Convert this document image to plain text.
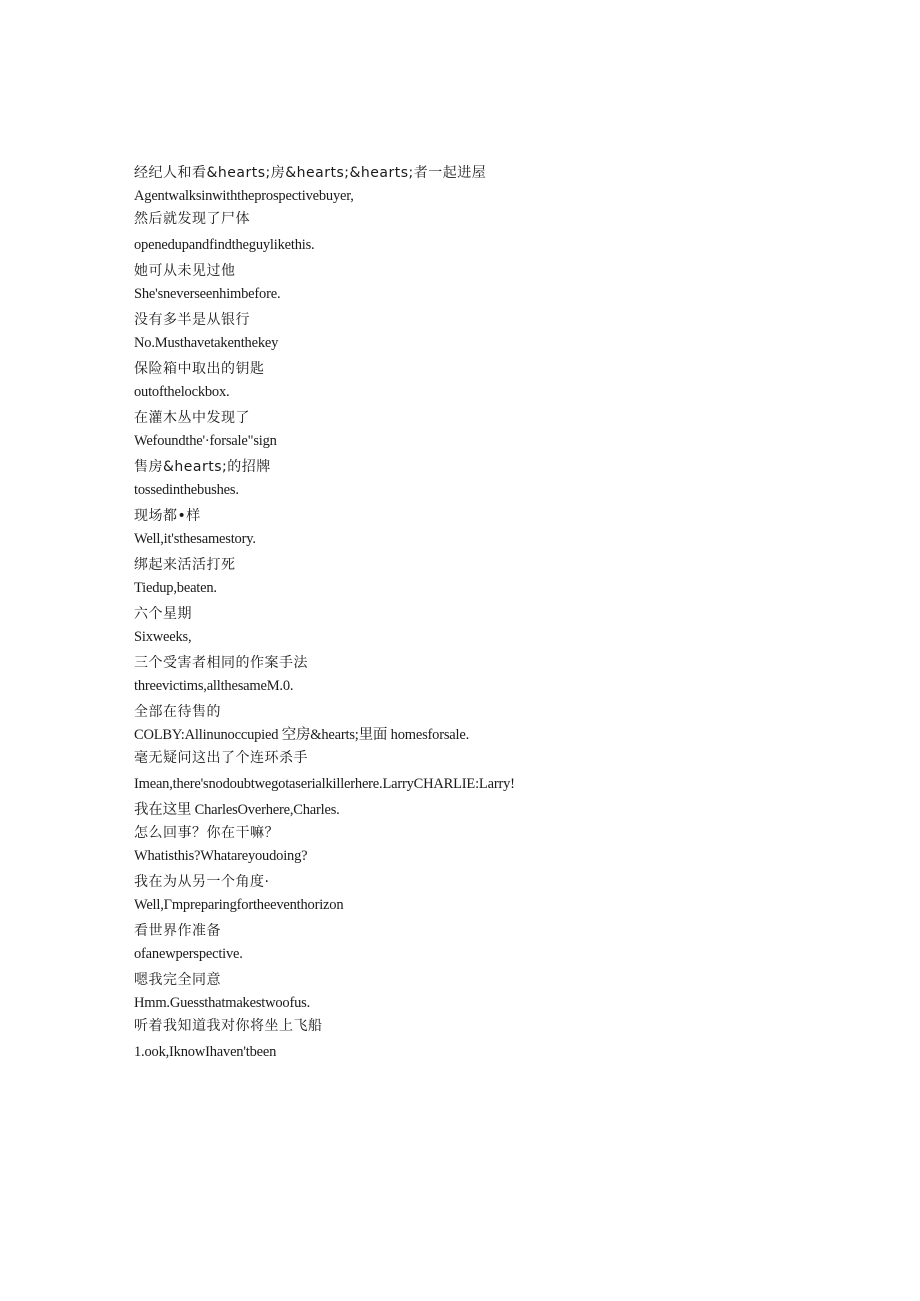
经纪人和看&hearts;房&hearts;&hearts;者一起进屋

Agentwalksinwiththeprospectivebuyer,

然后就发现了尸体

openedupandfindtheguylikethis.

她可从未见过他

She'sneverseenhimbefore.

没有多半是从银行

No.Musthavetakenthekey

保险箱中取出的钥匙

outofthelockbox.

在灌木丛中发现了

Wefoundthe'·forsale"sign

售房&hearts;的招牌

tossedinthebushes.

现场都•样

Well,it'sthesamestory.

绑起来活活打死

Tiedup,beaten.

六个星期

Sixweeks,

三个受害者相同的作案手法

threevictims,allthesameM.0.

全部在待售的

COLBY:Allinunoccupied 空房&hearts;里面 homesforsale.

毫无疑问这出了个连环杀手

Imean,there'snodoubtwegotaserialkillerhere.LarryCHARLIE:Larry!

我在这里 CharlesOverhere,Charles.

怎么回事？你在干嘛？

Whatisthis?Whatareyoudoing?

我在为从另一个角度·

Well,Γmpreparingfortheeventhorizon

看世界作准备

ofanewperspective.

嗯我完全同意

Hmm.Guessthatmakestwoofus.

听着我知道我对你将坐上飞船

1.ook,IknowIhaven'tbeen
